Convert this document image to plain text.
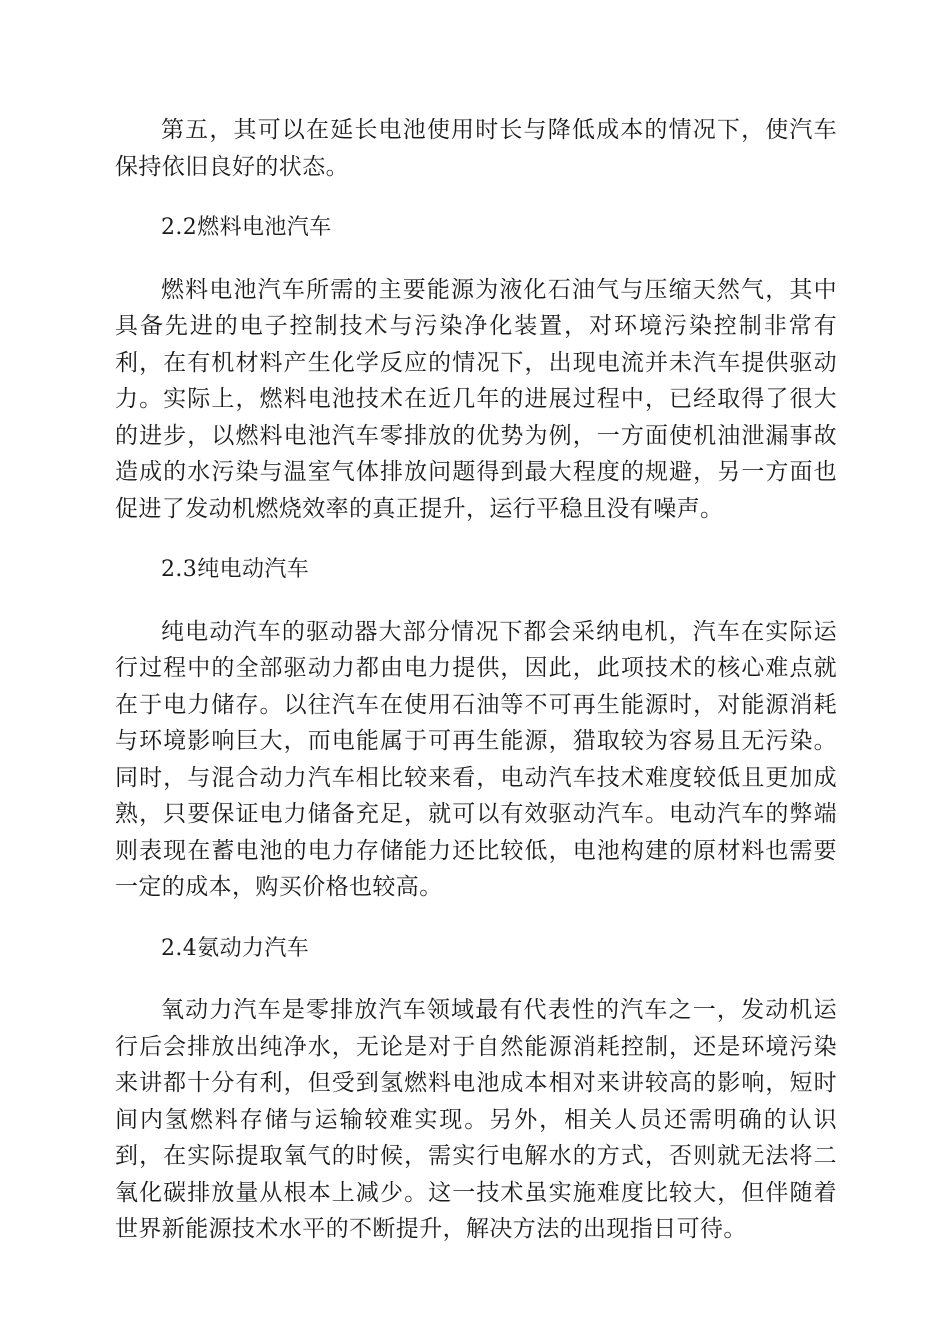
第五，其可以在延长电池使用时长与降低成本的情况下，使汽车保持依旧良好的状态。

2.2燃料电池汽车

燃料电池汽车所需的主要能源为液化石油气与压缩天然气，其中具备先进的电子控制技术与污染净化装置，对环境污染控制非常有利，在有机材料产生化学反应的情况下，出现电流并未汽车提供驱动力。实际上，燃料电池技术在近几年的进展过程中，已经取得了很大的进步，以燃料电池汽车零排放的优势为例，一方面使机油泄漏事故造成的水污染与温室气体排放问题得到最大程度的规避，另一方面也促进了发动机燃烧效率的真正提升，运行平稳且没有噪声。

2.3纯电动汽车

纯电动汽车的驱动器大部分情况下都会采纳电机，汽车在实际运行过程中的全部驱动力都由电力提供，因此，此项技术的核心难点就在于电力储存。以往汽车在使用石油等不可再生能源时，对能源消耗与环境影响巨大，而电能属于可再生能源，猎取较为容易且无污染。同时，与混合动力汽车相比较来看，电动汽车技术难度较低且更加成熟，只要保证电力储备充足，就可以有效驱动汽车。电动汽车的弊端则表现在蓄电池的电力存储能力还比较低，电池构建的原材料也需要一定的成本，购买价格也较高。

2.4氨动力汽车

氧动力汽车是零排放汽车领域最有代表性的汽车之一，发动机运行后会排放出纯净水，无论是对于自然能源消耗控制，还是环境污染来讲都十分有利，但受到氢燃料电池成本相对来讲较高的影响，短时间内氢燃料存储与运输较难实现。另外，相关人员还需明确的认识到，在实际提取氧气的时候，需实行电解水的方式，否则就无法将二氧化碳排放量从根本上减少。这一技术虽实施难度比较大，但伴随着世界新能源技术水平的不断提升，解决方法的出现指日可待。
